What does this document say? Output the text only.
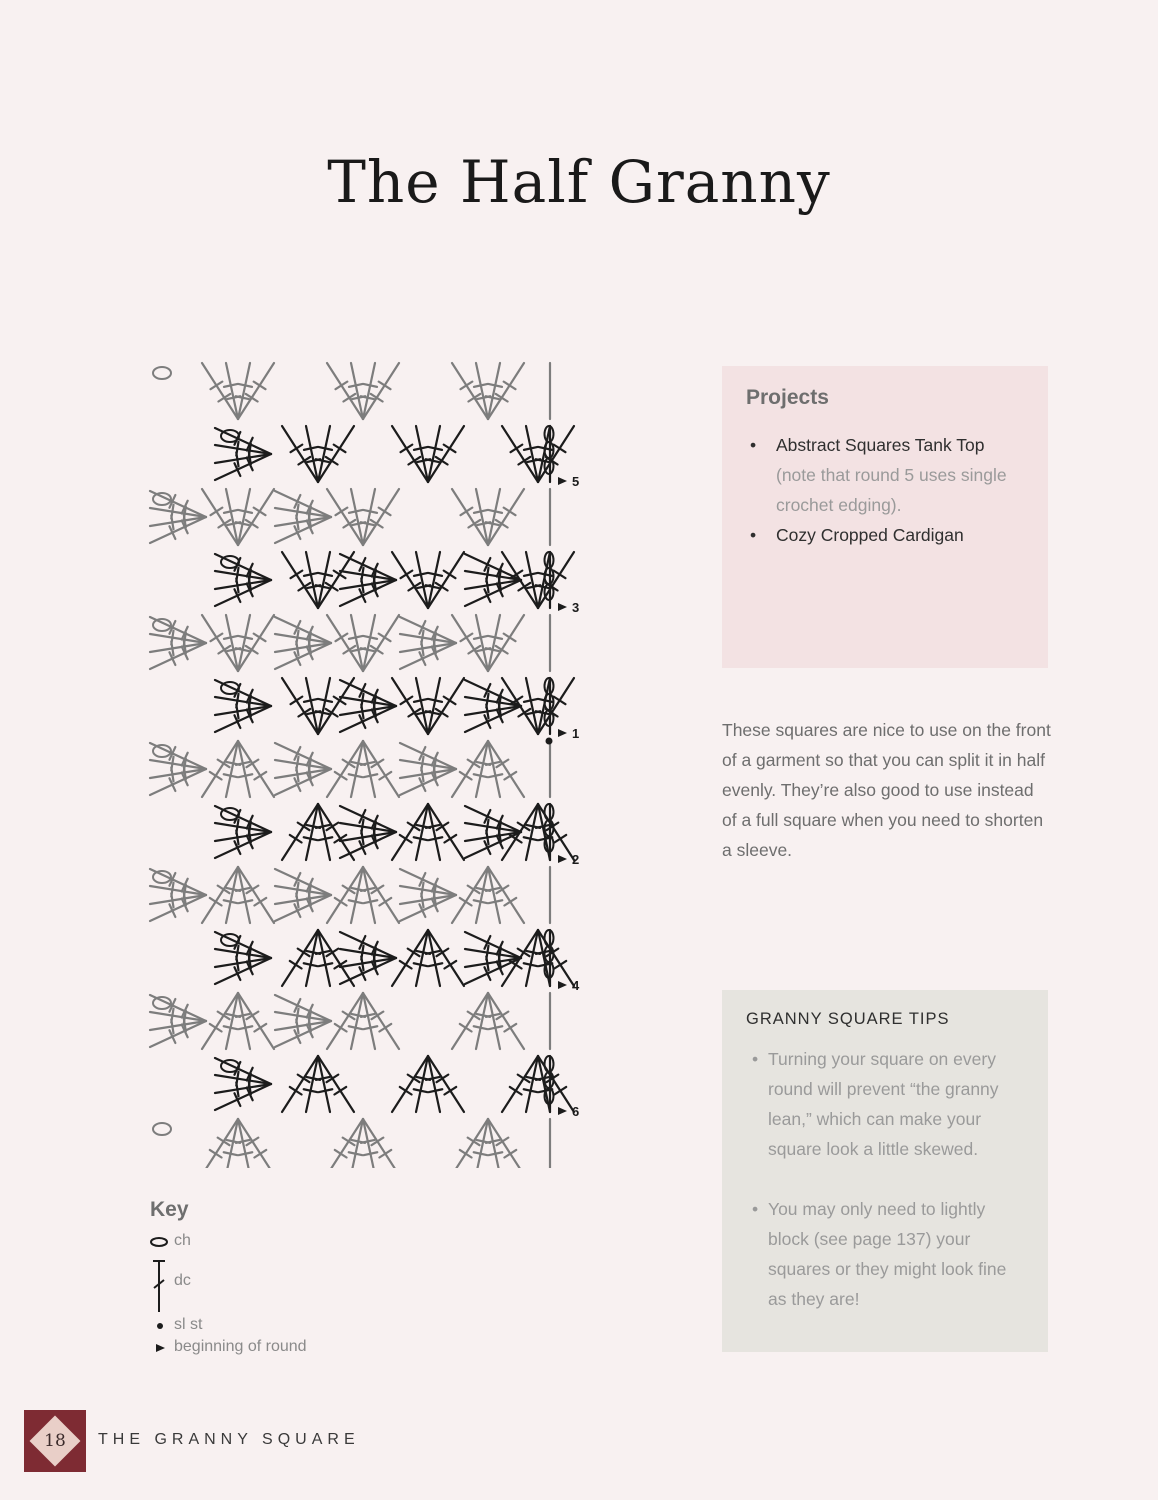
The Half Granny
5
3
1
2
4
6
Key
ch
dc
sl st
beginning of round
Projects
• Abstract Squares Tank Top
(note that round 5 uses single crochet edging).
• Cozy Cropped Cardigan

These squares are nice to use on the front of a garment so that you can split it in half evenly. They’re also good to use instead of a full square when you need to shorten a sleeve.

GRANNY SQUARE TIPS
• Turning your square on every round will prevent “the granny lean,” which can make your square look a little skewed.
• You may only need to lightly block (see page 137) your squares or they might look fine as they are!
18	THE GRANNY SQUARE
